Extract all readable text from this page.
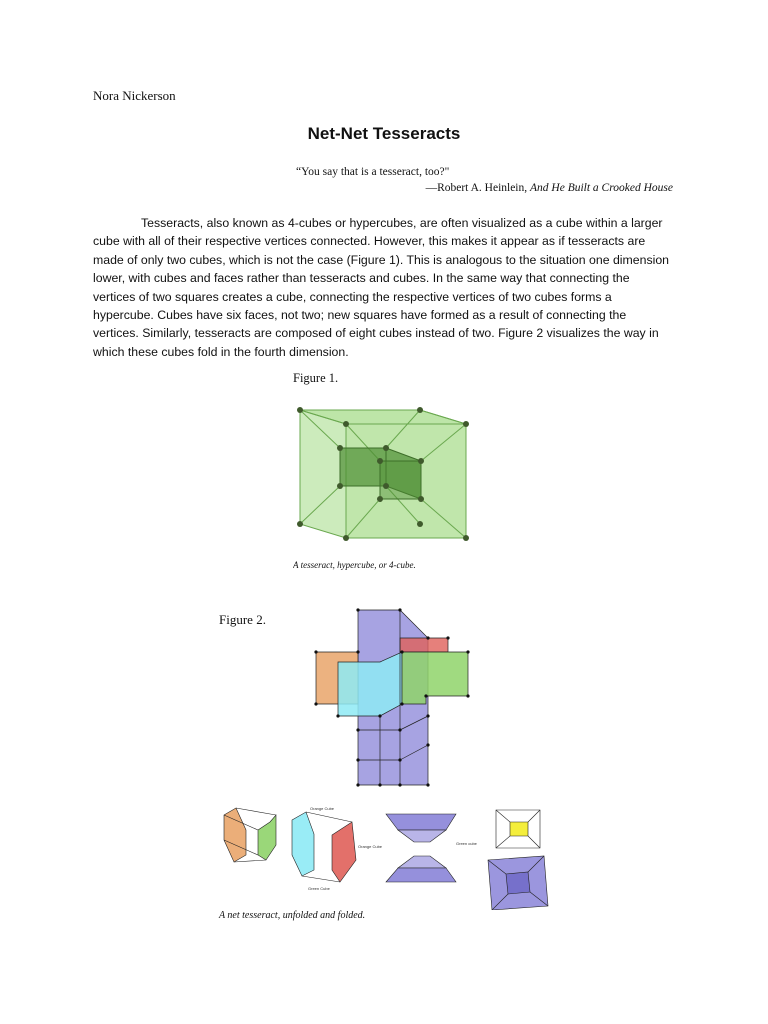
Nora Nickerson
Net-Net Tesseracts
“You say that is a tesseract, too?"
—Robert A. Heinlein, And He Built a Crooked House

Tesseracts, also known as 4-cubes or hypercubes, are often visualized as a cube within a larger cube with all of their respective vertices connected. However, this makes it appear as if tesseracts are made of only two cubes, which is not the case (Figure 1). This is analogous to the situation one dimension lower, with cubes and faces rather than tesseracts and cubes. In the same way that connecting the vertices of two squares creates a cube, connecting the respective vertices of two cubes forms a hypercube. Cubes have six faces, not two; new squares have formed as a result of connecting the vertices. Similarly, tesseracts are composed of eight cubes instead of two. Figure 2 visualizes the way in which these cubes fold in the fourth dimension.

Figure 1.
A tesseract, hypercube, or 4-cube.
Figure 2.
Orange Cube
Orange Cube
Green Cube
Green cube
A net tesseract, unfolded and folded.
